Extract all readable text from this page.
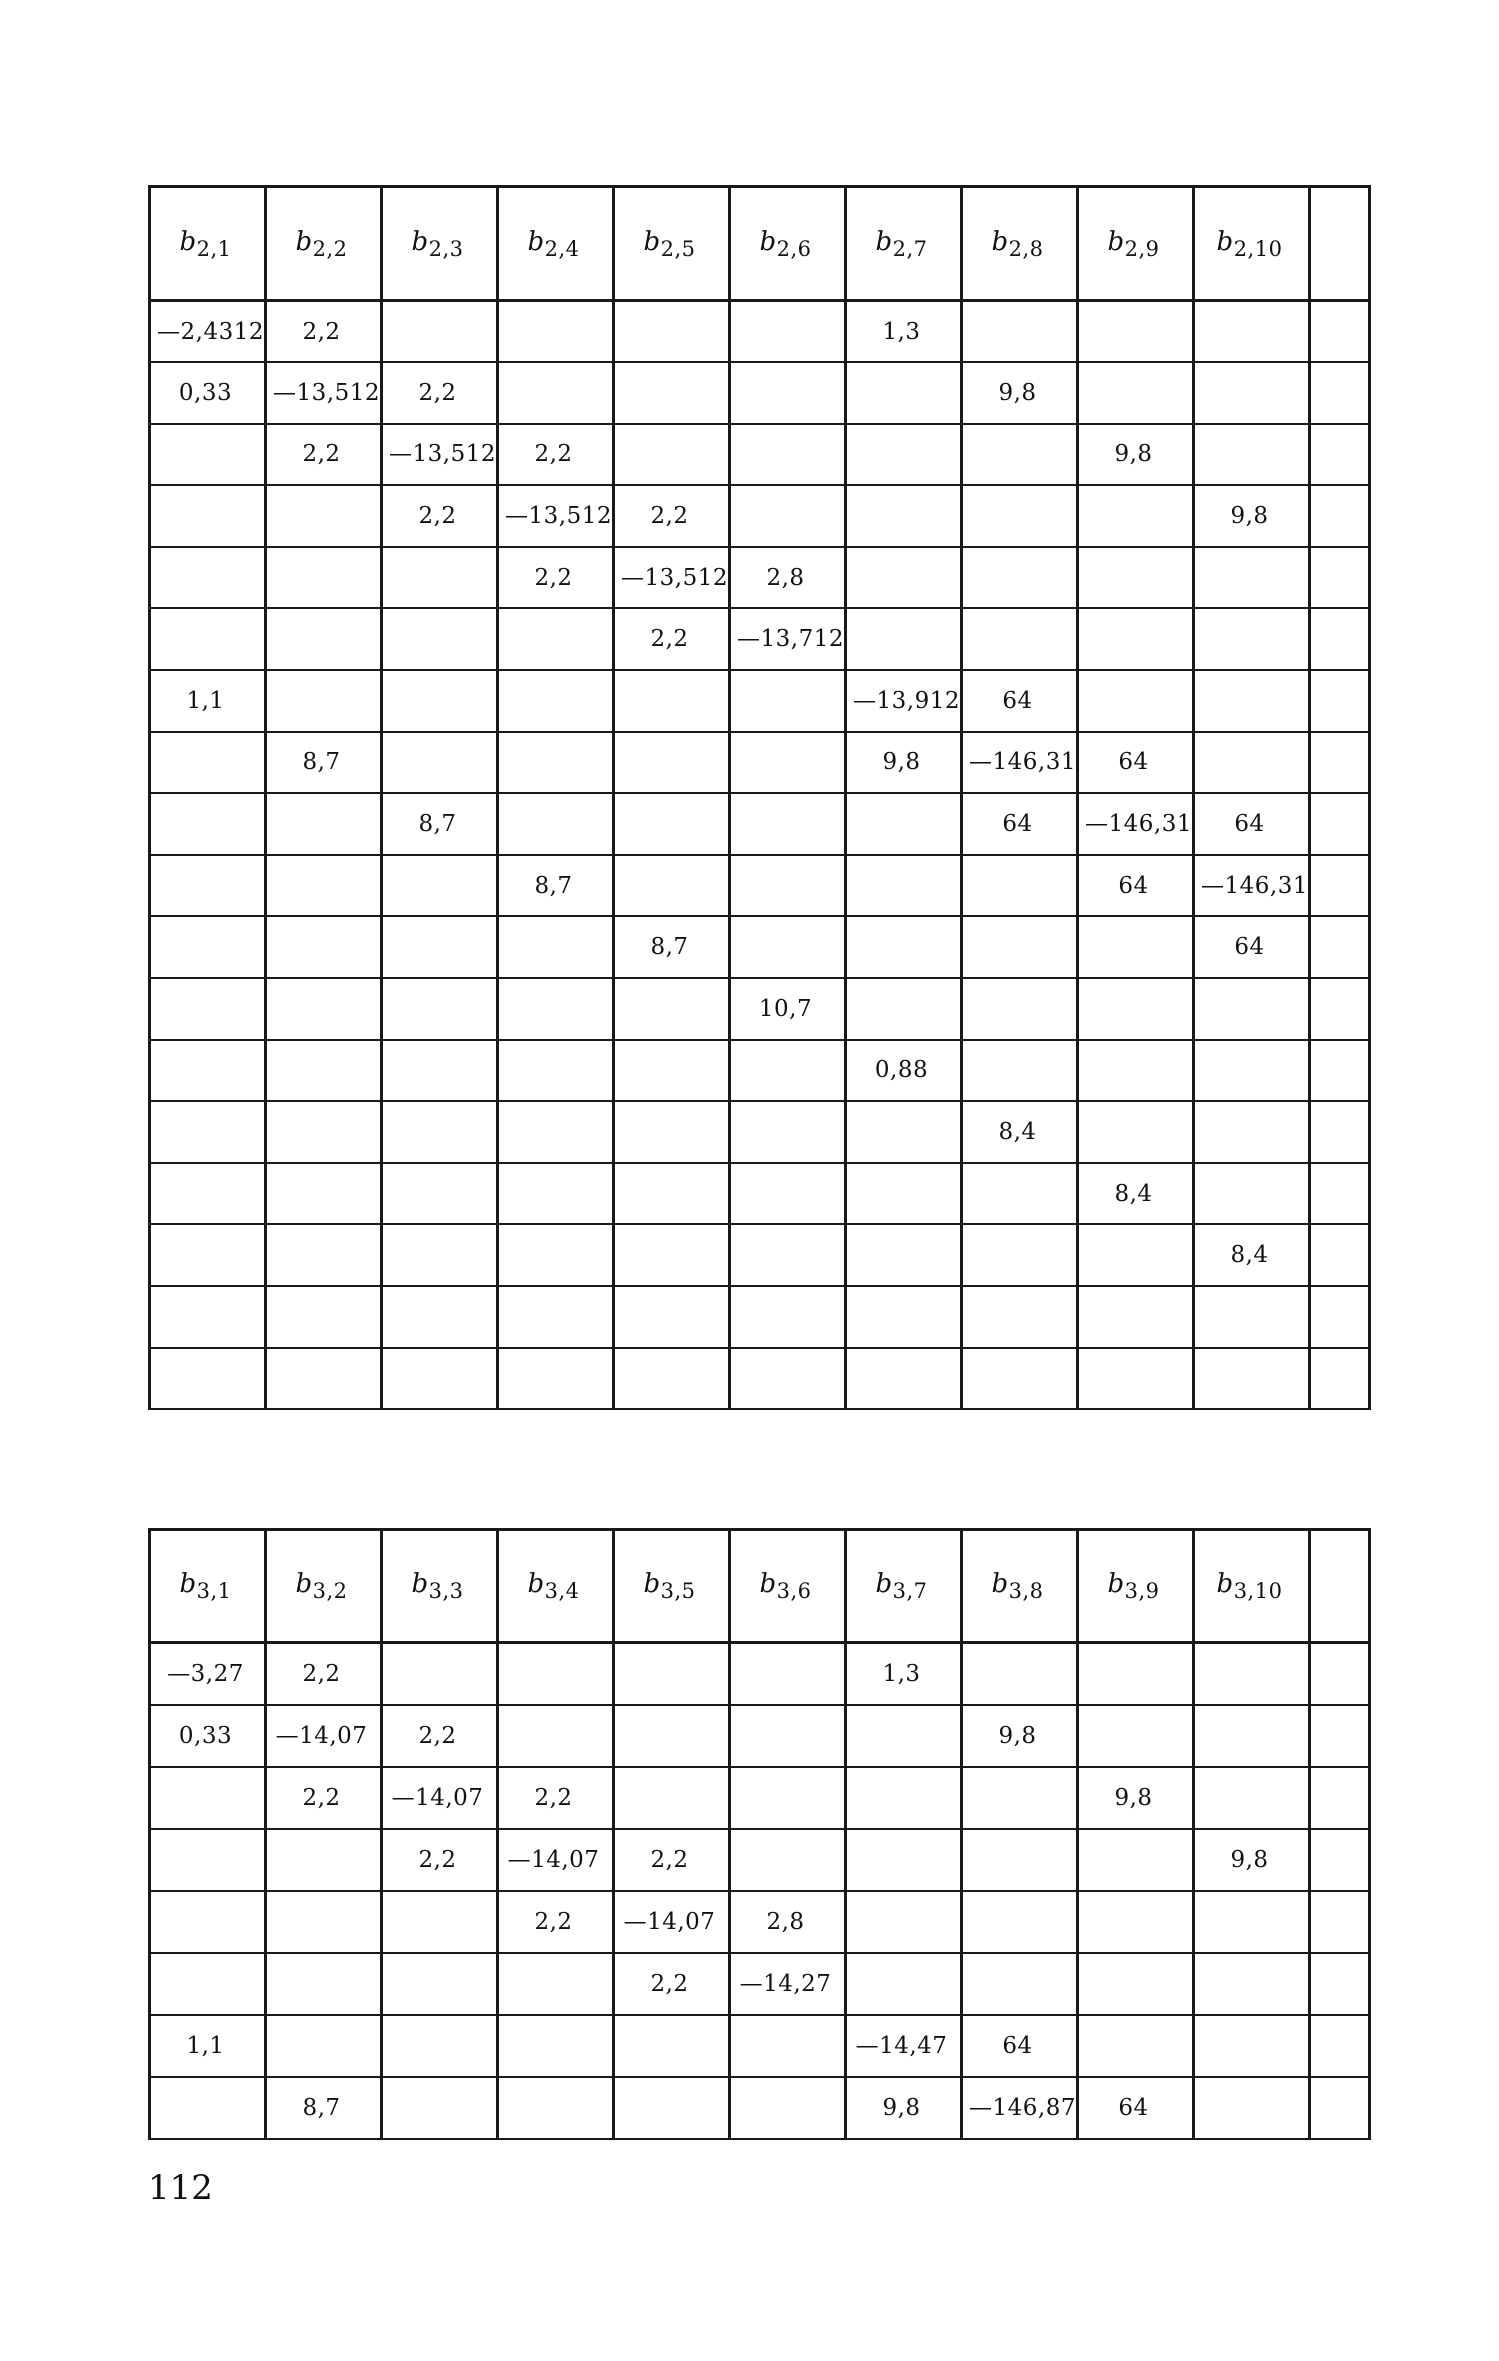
$b_{2,1}$	$b_{2,2}$	$b_{2,3}$	$b_{2,4}$	$b_{2,5}$	$b_{2,6}$	$b_{2,7}$	$b_{2,8}$	$b_{2,9}$	$b_{2,10}$	
—2,4312	2,2					1,3				
0,33	—13,512	2,2					9,8			
	2,2	—13,512	2,2					9,8		
		2,2	—13,512	2,2					9,8	
			2,2	—13,512	2,8					
				2,2	—13,712					
1,1						—13,912	64			
	8,7					9,8	—146,31	64		
		8,7					64	—146,31	64	
			8,7					64	—146,31	
				8,7					64	
					10,7					
						0,88				
							8,4			
								8,4		
									8,4	

$b_{3,1}$	$b_{3,2}$	$b_{3,3}$	$b_{3,4}$	$b_{3,5}$	$b_{3,6}$	$b_{3,7}$	$b_{3,8}$	$b_{3,9}$	$b_{3,10}$	
—3,27	2,2					1,3				
0,33	—14,07	2,2					9,8			
	2,2	—14,07	2,2					9,8		
		2,2	—14,07	2,2					9,8	
			2,2	—14,07	2,8					
				2,2	—14,27					
1,1						—14,47	64			
	8,7					9,8	—146,87	64		
112
